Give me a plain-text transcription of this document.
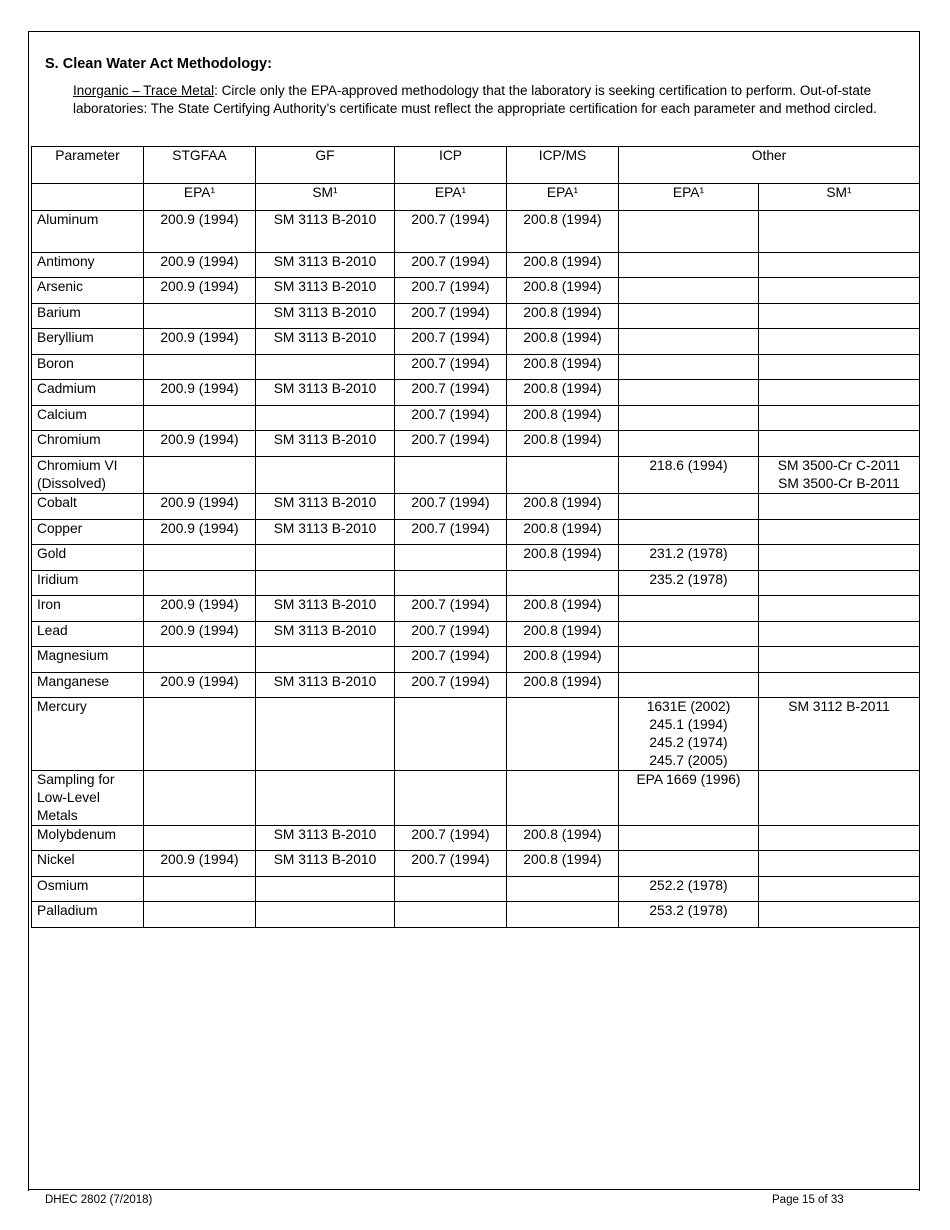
S. Clean Water Act Methodology:
Inorganic – Trace Metal: Circle only the EPA-approved methodology that the laboratory is seeking certification to perform. Out-of-state laboratories: The State Certifying Authority’s certificate must reflect the appropriate certification for each parameter and method circled.
Parameter	STGFAA	GF	ICP	ICP/MS	Other	
	EPA¹	SM¹	EPA¹	EPA¹	EPA¹	SM¹
Aluminum	200.9 (1994)	SM 3113 B-2010	200.7 (1994)	200.8 (1994)		
Antimony	200.9 (1994)	SM 3113 B-2010	200.7 (1994)	200.8 (1994)		
Arsenic	200.9 (1994)	SM 3113 B-2010	200.7 (1994)	200.8 (1994)		
Barium		SM 3113 B-2010	200.7 (1994)	200.8 (1994)		
Beryllium	200.9 (1994)	SM 3113 B-2010	200.7 (1994)	200.8 (1994)		
Boron			200.7 (1994)	200.8 (1994)		
Cadmium	200.9 (1994)	SM 3113 B-2010	200.7 (1994)	200.8 (1994)		
Calcium			200.7 (1994)	200.8 (1994)		
Chromium	200.9 (1994)	SM 3113 B-2010	200.7 (1994)	200.8 (1994)		
Chromium VI (Dissolved)					218.6 (1994)	SM 3500-Cr C-2011
SM 3500-Cr B-2011

Cobalt	200.9 (1994)	SM 3113 B-2010	200.7 (1994)	200.8 (1994)		
Copper	200.9 (1994)	SM 3113 B-2010	200.7 (1994)	200.8 (1994)		
Gold				200.8 (1994)	231.2 (1978)	
Iridium					235.2 (1978)	
Iron	200.9 (1994)	SM 3113 B-2010	200.7 (1994)	200.8 (1994)		
Lead	200.9 (1994)	SM 3113 B-2010	200.7 (1994)	200.8 (1994)		
Magnesium			200.7 (1994)	200.8 (1994)		
Manganese	200.9 (1994)	SM 3113 B-2010	200.7 (1994)	200.8 (1994)		
Mercury					1631E (2002)
245.1 (1994)
245.2 (1974)
245.7 (2005)	SM 3112 B-2011
Sampling for Low-Level Metals					EPA 1669 (1996)	
Molybdenum		SM 3113 B-2010	200.7 (1994)	200.8 (1994)		
Nickel	200.9 (1994)	SM 3113 B-2010	200.7 (1994)	200.8 (1994)		
Osmium					252.2 (1978)	
Palladium					253.2 (1978)	
DHEC 2802 (7/2018)	Page 15 of 33
